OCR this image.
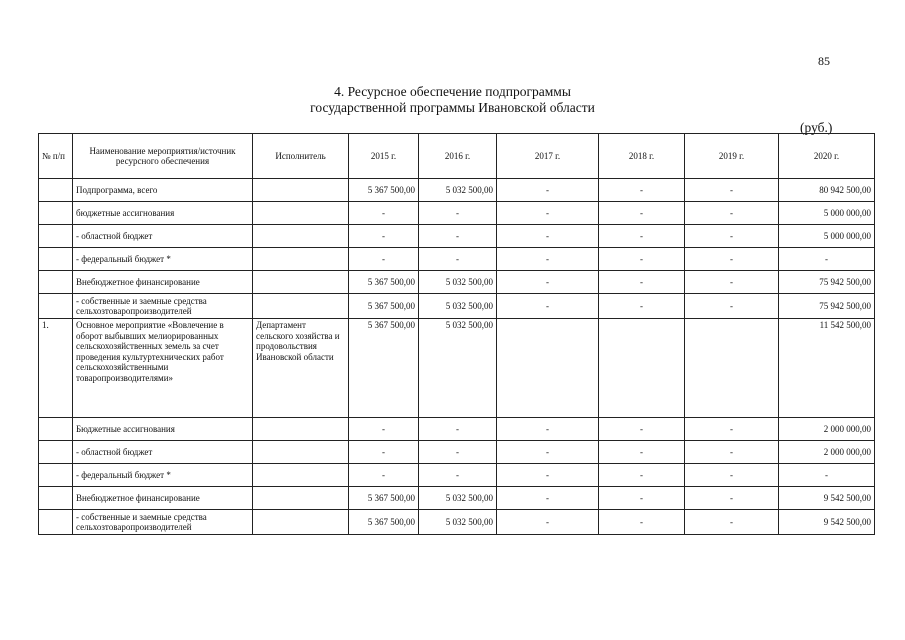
85
4. Ресурсное обеспечение подпрограммы
государственной программы Ивановской области
(руб.)
№ п/п	Наименование мероприятия/источник ресурсного обеспечения	Исполнитель	2015 г.	2016 г.	2017 г.	2018 г.	2019 г.	2020 г.
	Подпрограмма, всего		5 367 500,00	5 032 500,00	-	-	-	80 942 500,00
	бюджетные ассигнования		-	-	-	-	-	5 000 000,00
	- областной бюджет		-	-	-	-	-	5 000 000,00
	- федеральный бюджет *		-	-	-	-	-	-
	Внебюджетное финансирование		5 367 500,00	5 032 500,00	-	-	-	75 942 500,00
	- собственные и заемные средства сельхозтоваропроизводителей		5 367 500,00	5 032 500,00	-	-	-	75 942 500,00
1.	Основное мероприятие «Вовлечение в оборот выбывших мелиорированных сельскохозяйственных земель за счет проведения культуртехнических работ сельскохозяйственными товаропроизводителями»	Департамент сельского хозяйства и продовольствия Ивановской области	5 367 500,00	5 032 500,00				11 542 500,00
	Бюджетные ассигнования		-	-	-	-	-	2 000 000,00
	- областной бюджет		-	-	-	-	-	2 000 000,00
	- федеральный бюджет *		-	-	-	-	-	-
	Внебюджетное финансирование		5 367 500,00	5 032 500,00	-	-	-	9 542 500,00
	- собственные и заемные средства сельхозтоваропроизводителей		5 367 500,00	5 032 500,00	-	-	-	9 542 500,00
